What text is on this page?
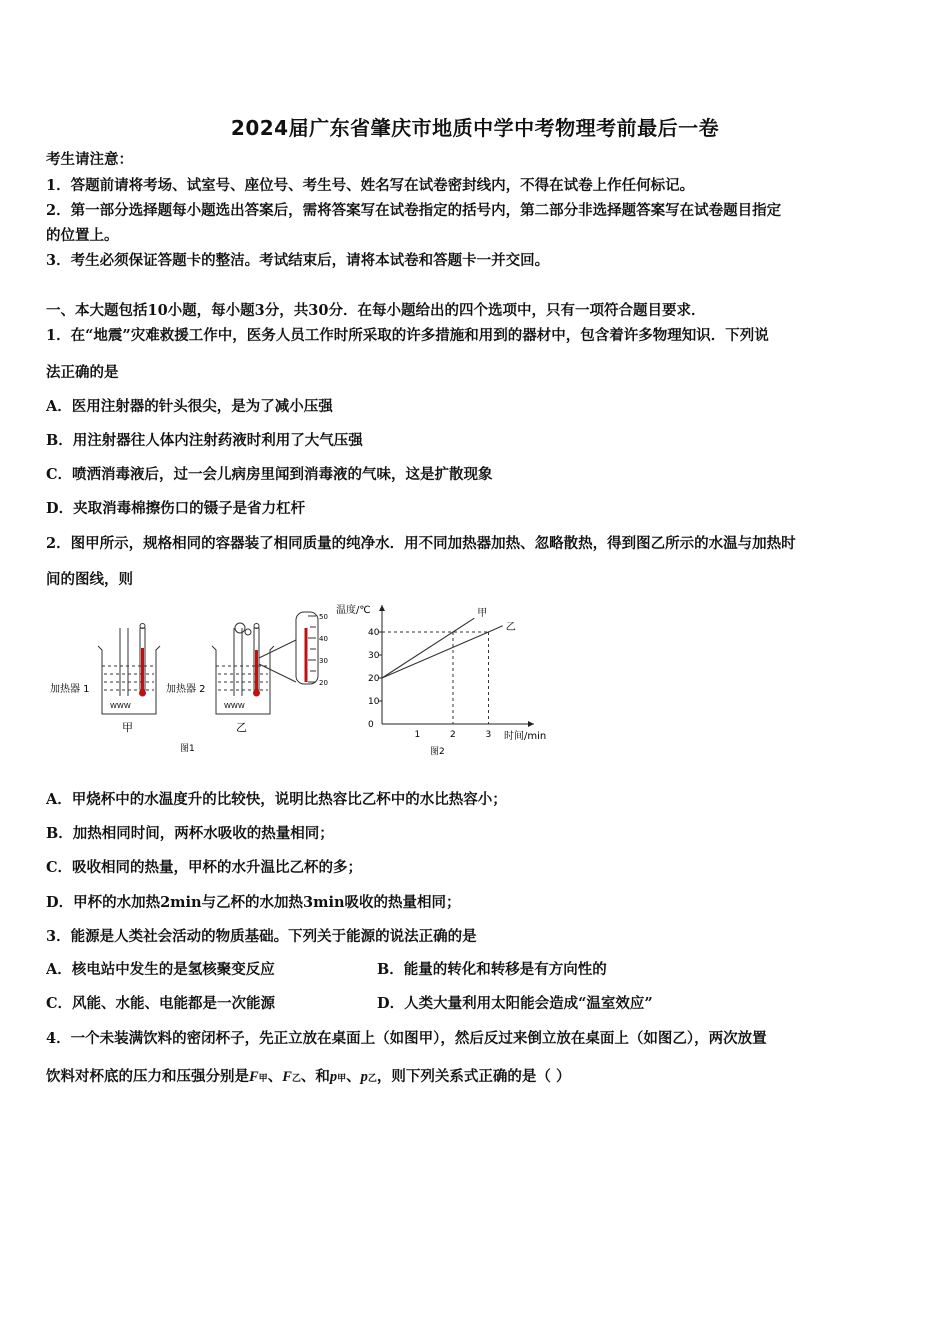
2024届广东省肇庆市地质中学中考物理考前最后一卷
考生请注意：
1．答题前请将考场、试室号、座位号、考生号、姓名写在试卷密封线内，不得在试卷上作任何标记。
2．第一部分选择题每小题选出答案后，需将答案写在试卷指定的括号内，第二部分非选择题答案写在试卷题目指定
的位置上。
3．考生必须保证答题卡的整洁。考试结束后，请将本试卷和答题卡一并交回。
一、本大题包括10小题，每小题3分，共30分．在每小题给出的四个选项中，只有一项符合题目要求．
1．在“地震”灾难救援工作中，医务人员工作时所采取的许多措施和用到的器材中，包含着许多物理知识．下列说
法正确的是
A．医用注射器的针头很尖，是为了减小压强
B．用注射器往人体内注射药液时利用了大气压强
C．喷洒消毒液后，过一会儿病房里闻到消毒液的气味，这是扩散现象
D．夹取消毒棉擦伤口的镊子是省力杠杆
2．图甲所示，规格相同的容器装了相同质量的纯净水．用不同加热器加热、忽略散热，得到图乙所示的水温与加热时
间的图线，则
加热器 1
WWW
甲
加热器 2
WWW
乙
50
40
30
20
图1
温度/℃
时间/min
0
10
20
30
40
1	2	3
甲
乙
图2
A．甲烧杯中的水温度升的比较快，说明比热容比乙杯中的水比热容小；
B．加热相同时间，两杯水吸收的热量相同；
C．吸收相同的热量，甲杯的水升温比乙杯的多；
D．甲杯的水加热2min与乙杯的水加热3min吸收的热量相同；
3．能源是人类社会活动的物质基础。下列关于能源的说法正确的是
A．核电站中发生的是氢核聚变反应	B．能量的转化和转移是有方向性的
C．风能、水能、电能都是一次能源	D．人类大量利用太阳能会造成“温室效应”
4．一个未装满饮料的密闭杯子，先正立放在桌面上（如图甲），然后反过来倒立放在桌面上（如图乙），两次放置
饮料对杯底的压力和压强分别是F甲、F乙、和p甲、p乙，则下列关系式正确的是（ ）
